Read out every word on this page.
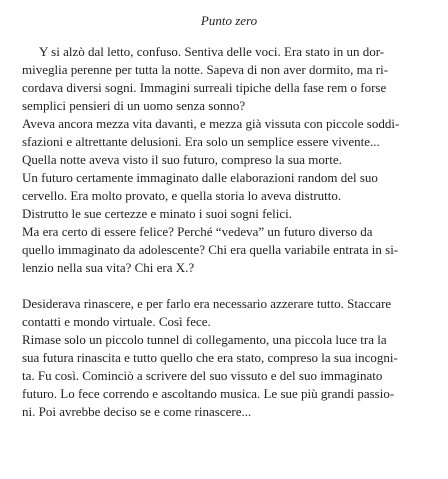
Punto zero
Y si alzò dal letto, confuso. Sentiva delle voci. Era stato in un dor-
miveglia perenne per tutta la notte. Sapeva di non aver dormito, ma ri-
cordava diversi sogni. Immagini surreali tipiche della fase rem o forse
semplici pensieri di un uomo senza sonno?
Aveva ancora mezza vita davanti, e mezza già vissuta con piccole soddi-
sfazioni e altrettante delusioni. Era solo un semplice essere vivente...
Quella notte aveva visto il suo futuro, compreso la sua morte.
Un futuro certamente immaginato dalle elaborazioni random del suo
cervello. Era molto provato, e quella storia lo aveva distrutto.
Distrutto le sue certezze e minato i suoi sogni felici.
Ma era certo di essere felice? Perché “vedeva” un futuro diverso da
quello immaginato da adolescente? Chi era quella variabile entrata in si-
lenzio nella sua vita? Chi era X.?
Desiderava rinascere, e per farlo era necessario azzerare tutto. Staccare
contatti e mondo virtuale. Così fece.
Rimase solo un piccolo tunnel di collegamento, una piccola luce tra la
sua futura rinascita e tutto quello che era stato, compreso la sua incogni-
ta. Fu così. Cominciò a scrivere del suo vissuto e del suo immaginato
futuro. Lo fece correndo e ascoltando musica. Le sue più grandi passio-
ni. Poi avrebbe deciso se e come rinascere...
